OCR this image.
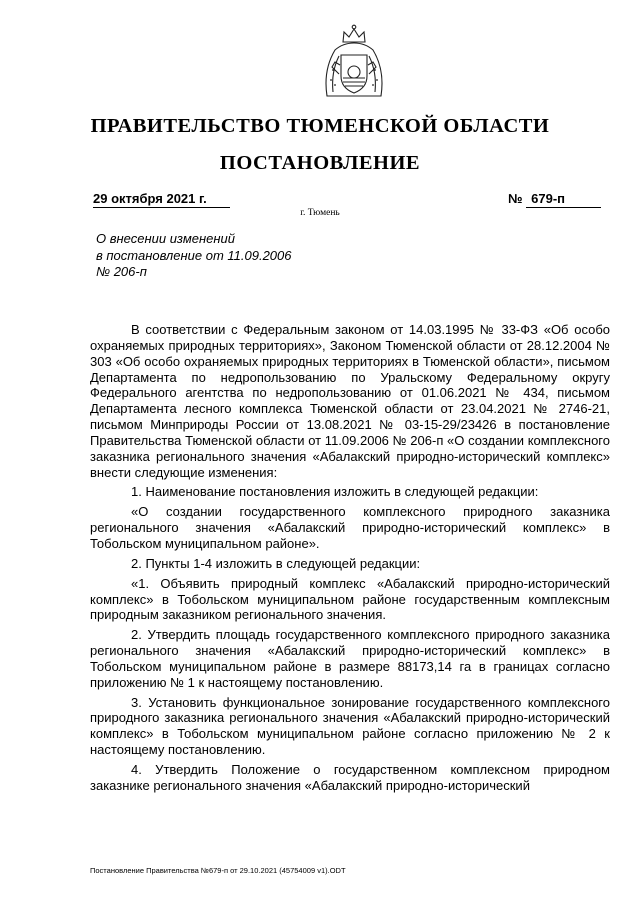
ПРАВИТЕЛЬСТВО ТЮМЕНСКОЙ ОБЛАСТИ
ПОСТАНОВЛЕНИЕ
29 октября 2021 г.	№ 679-п
г. Тюмень
О внесении изменений
в постановление от 11.09.2006
№ 206-п

В соответствии с Федеральным законом от 14.03.1995 № 33-ФЗ «Об особо охраняемых природных территориях», Законом Тюменской области от 28.12.2004 № 303 «Об особо охраняемых природных территориях в Тюменской области», письмом Департамента по недропользованию по Уральскому Федеральному округу Федерального агентства по недропользованию от 01.06.2021 № 434, письмом Департамента лесного комплекса Тюменской области от 23.04.2021 № 2746-21, письмом Минприроды России от 13.08.2021 № 03-15-29/23426 в постановление Правительства Тюменской области от 11.09.2006 № 206-п «О создании комплексного заказника регионального значения «Абалакский природно-исторический комплекс» внести следующие изменения:

1. Наименование постановления изложить в следующей редакции:

«О создании государственного комплексного природного заказника регионального значения «Абалакский природно-исторический комплекс» в Тобольском муниципальном районе».

2. Пункты 1-4 изложить в следующей редакции:

«1. Объявить природный комплекс «Абалакский природно-исторический комплекс» в Тобольском муниципальном районе государственным комплексным природным заказником регионального значения.

2. Утвердить площадь государственного комплексного природного заказника регионального значения «Абалакский природно-исторический комплекс» в Тобольском муниципальном районе в размере 88173,14 га в границах согласно приложению № 1 к настоящему постановлению.

3. Установить функциональное зонирование государственного комплексного природного заказника регионального значения «Абалакский природно-исторический комплекс» в Тобольском муниципальном районе согласно приложению № 2 к настоящему постановлению.

4. Утвердить Положение о государственном комплексном природном заказнике регионального значения «Абалакский природно-исторический

Постановление Правительства №679-п от 29.10.2021 (45754009 v1).ODT
